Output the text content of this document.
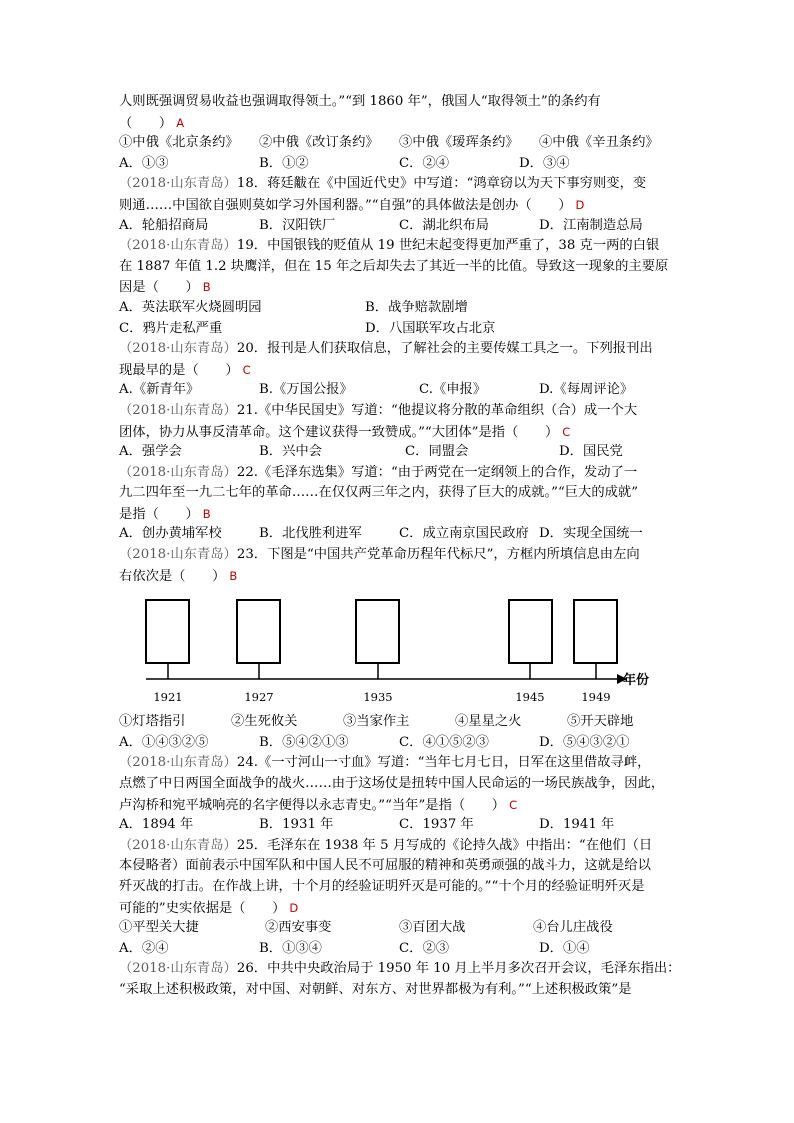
人则既强调贸易收益也强调取得领土。”“到 1860 年”，俄国人“取得领土”的条约有
（　　） A
①中俄《北京条约》 ②中俄《改订条约》 ③中俄《瑷珲条约》 ④中俄《辛丑条约》
A．①③	B．①②	C．②④	D．③④
（2018·山东青岛）18．蒋廷黻在《中国近代史》中写道：“鸿章窃以为天下事穷则变，变
则通……中国欲自强则莫如学习外国利器。”“自强”的具体做法是创办（　　） D
A．轮船招商局	B．汉阳铁厂	C．湖北织布局	D．江南制造总局
（2018·山东青岛）19．中国银钱的贬值从 19 世纪末起变得更加严重了，38 克一两的白银
在 1887 年值 1.2 块鹰洋，但在 15 年之后却失去了其近一半的比值。导致这一现象的主要原
因是（　　） B
A．英法联军火烧圆明园	B．战争赔款剧增
C．鸦片走私严重	D．八国联军攻占北京
（2018·山东青岛）20．报刊是人们获取信息，了解社会的主要传媒工具之一。下列报刊出
现最早的是（　　） C
A.《新青年》	B.《万国公报》	C.《申报》	D.《每周评论》
（2018·山东青岛）21.《中华民国史》写道：“他提议将分散的革命组织（合）成一个大
团体，协力从事反清革命。这个建议获得一致赞成。”“大团体”是指（　　） C
A．强学会	B．兴中会	C．同盟会	D．国民党
（2018·山东青岛）22.《毛泽东选集》写道：“由于两党在一定纲领上的合作，发动了一
九二四年至一九二七年的革命……在仅仅两三年之内，获得了巨大的成就。”“巨大的成就”
是指（　　） B
A．创办黄埔军校	B．北伐胜利进军	C．成立南京国民政府 D．实现全国统一
（2018·山东青岛）23．下图是“中国共产党革命历程年代标尺”，方框内所填信息由左向
右依次是（　　） B
1921	1927	1935	1945	1949
年份
①灯塔指引	②生死攸关	③当家作主	④星星之火	⑤开天辟地
A．①④③②⑤	B．⑤④②①③	C．④①⑤②③	D．⑤④③②①
（2018·山东青岛）24.《一寸河山一寸血》写道：“当年七月七日，日军在这里借故寻衅，
点燃了中日两国全面战争的战火……由于这场仗是扭转中国人民命运的一场民族战争，因此，
卢沟桥和宛平城响亮的名字便得以永志青史。”“当年”是指（　　） C
A．1894 年	B．1931 年	C．1937 年	D．1941 年
（2018·山东青岛）25．毛泽东在 1938 年 5 月写成的《论持久战》中指出：“在他们（日
本侵略者）面前表示中国军队和中国人民不可屈服的精神和英勇顽强的战斗力，这就是给以
歼灭战的打击。在作战上讲，十个月的经验证明歼灭是可能的。”“十个月的经验证明歼灭是
可能的”史实依据是（　　） D
①平型关大捷	②西安事变	③百团大战	④台儿庄战役
A．②④	B．①③④	C．②③	D．①④
（2018·山东青岛）26．中共中央政治局于 1950 年 10 月上半月多次召开会议，毛泽东指出：
“采取上述积极政策，对中国、对朝鲜、对东方、对世界都极为有利。”“上述积极政策”是
